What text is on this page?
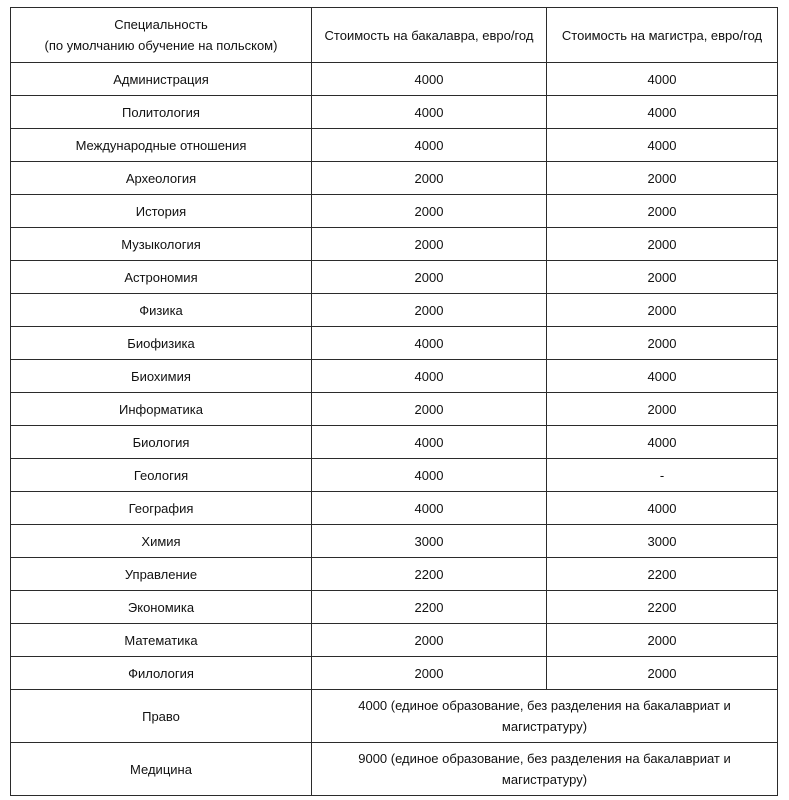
Специальность
(по умолчанию обучение на польском)	Стоимость на бакалавра, евро/год	Стоимость на магистра, евро/год
Администрация	4000	4000
Политология	4000	4000
Международные отношения	4000	4000
Археология	2000	2000
История	2000	2000
Музыкология	2000	2000
Астрономия	2000	2000
Физика	2000	2000
Биофизика	4000	2000
Биохимия	4000	4000
Информатика	2000	2000
Биология	4000	4000
Геология	4000	-
География	4000	4000
Химия	3000	3000
Управление	2200	2200
Экономика	2200	2200
Математика	2000	2000
Филология	2000	2000
Право	4000 (единое образование, без разделения на бакалавриат и магистратуру)	
Медицина	9000 (единое образование, без разделения на бакалавриат и магистратуру)	
